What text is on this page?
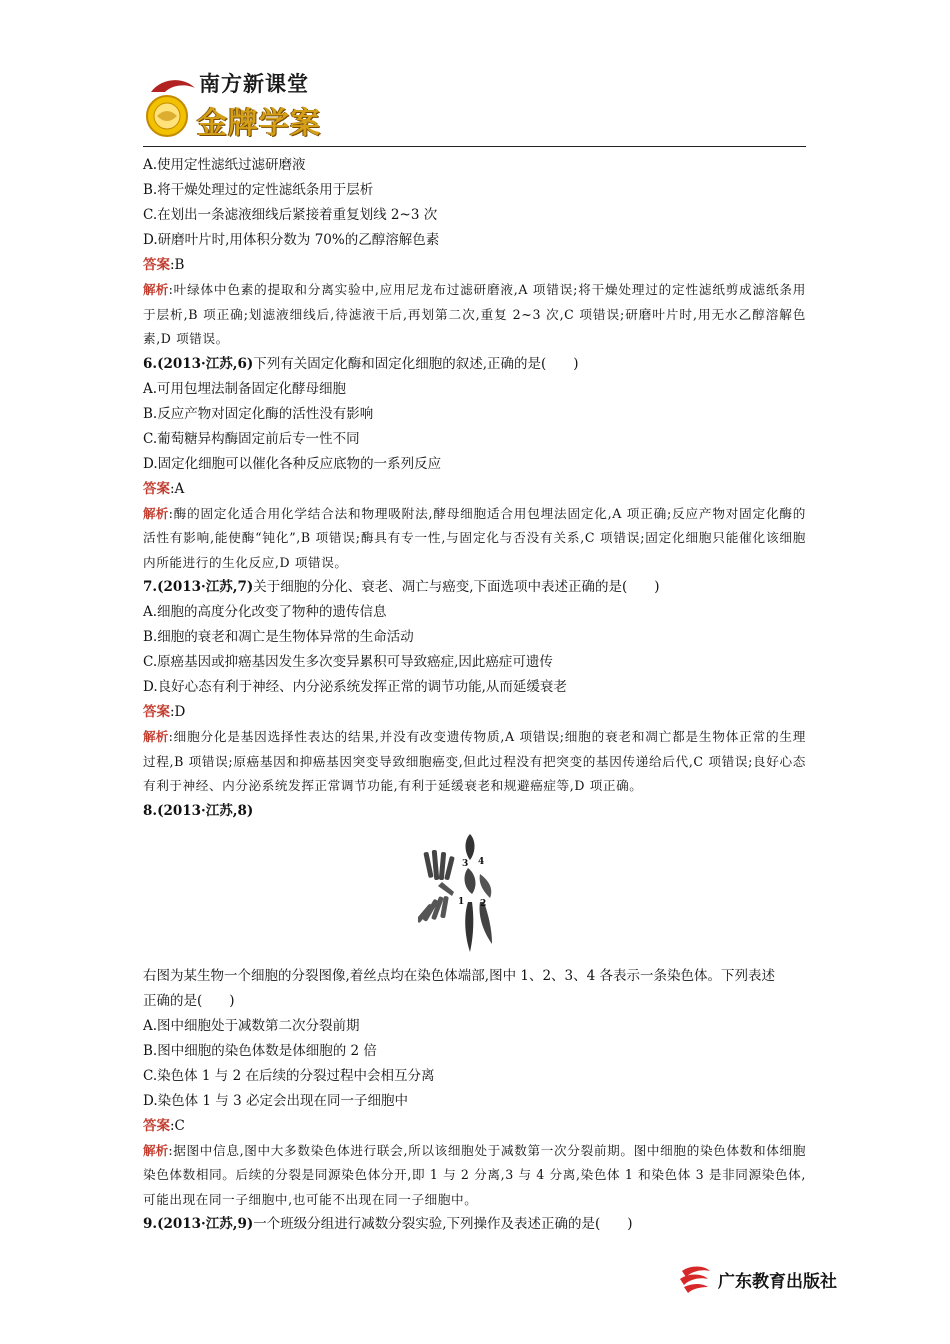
南方新课堂
金牌学案
A.使用定性滤纸过滤研磨液
B.将干燥处理过的定性滤纸条用于层析
C.在划出一条滤液细线后紧接着重复划线 2~3 次
D.研磨叶片时,用体积分数为 70%的乙醇溶解色素
答案:B
解析:叶绿体中色素的提取和分离实验中,应用尼龙布过滤研磨液,A 项错误;将干燥处理过的定性滤纸剪成滤纸条用于层析,B 项正确;划滤液细线后,待滤液干后,再划第二次,重复 2~3 次,C 项错误;研磨叶片时,用无水乙醇溶解色素,D 项错误。
6.(2013·江苏,6)下列有关固定化酶和固定化细胞的叙述,正确的是(　　)
A.可用包埋法制备固定化酵母细胞
B.反应产物对固定化酶的活性没有影响
C.葡萄糖异构酶固定前后专一性不同
D.固定化细胞可以催化各种反应底物的一系列反应
答案:A
解析:酶的固定化适合用化学结合法和物理吸附法,酵母细胞适合用包埋法固定化,A 项正确;反应产物对固定化酶的活性有影响,能使酶“钝化”,B 项错误;酶具有专一性,与固定化与否没有关系,C 项错误;固定化细胞只能催化该细胞内所能进行的生化反应,D 项错误。
7.(2013·江苏,7)关于细胞的分化、衰老、凋亡与癌变,下面选项中表述正确的是(　　)
A.细胞的高度分化改变了物种的遗传信息
B.细胞的衰老和凋亡是生物体异常的生命活动
C.原癌基因或抑癌基因发生多次变异累积可导致癌症,因此癌症可遗传
D.良好心态有利于神经、内分泌系统发挥正常的调节功能,从而延缓衰老
答案:D
解析:细胞分化是基因选择性表达的结果,并没有改变遗传物质,A 项错误;细胞的衰老和凋亡都是生物体正常的生理过程,B 项错误;原癌基因和抑癌基因突变导致细胞癌变,但此过程没有把突变的基因传递给后代,C 项错误;良好心态有利于神经、内分泌系统发挥正常调节功能,有利于延缓衰老和规避癌症等,D 项正确。
8.(2013·江苏,8)
3 4
1 2
右图为某生物一个细胞的分裂图像,着丝点均在染色体端部,图中 1、2、3、4 各表示一条染色体。下列表述
正确的是(　　)
A.图中细胞处于减数第二次分裂前期
B.图中细胞的染色体数是体细胞的 2 倍
C.染色体 1 与 2 在后续的分裂过程中会相互分离
D.染色体 1 与 3 必定会出现在同一子细胞中
答案:C
解析:据图中信息,图中大多数染色体进行联会,所以该细胞处于减数第一次分裂前期。图中细胞的染色体数和体细胞染色体数相同。后续的分裂是同源染色体分开,即 1 与 2 分离,3 与 4 分离,染色体 1 和染色体 3 是非同源染色体,可能出现在同一子细胞中,也可能不出现在同一子细胞中。
9.(2013·江苏,9)一个班级分组进行减数分裂实验,下列操作及表述正确的是(　　)
广东教育出版社
